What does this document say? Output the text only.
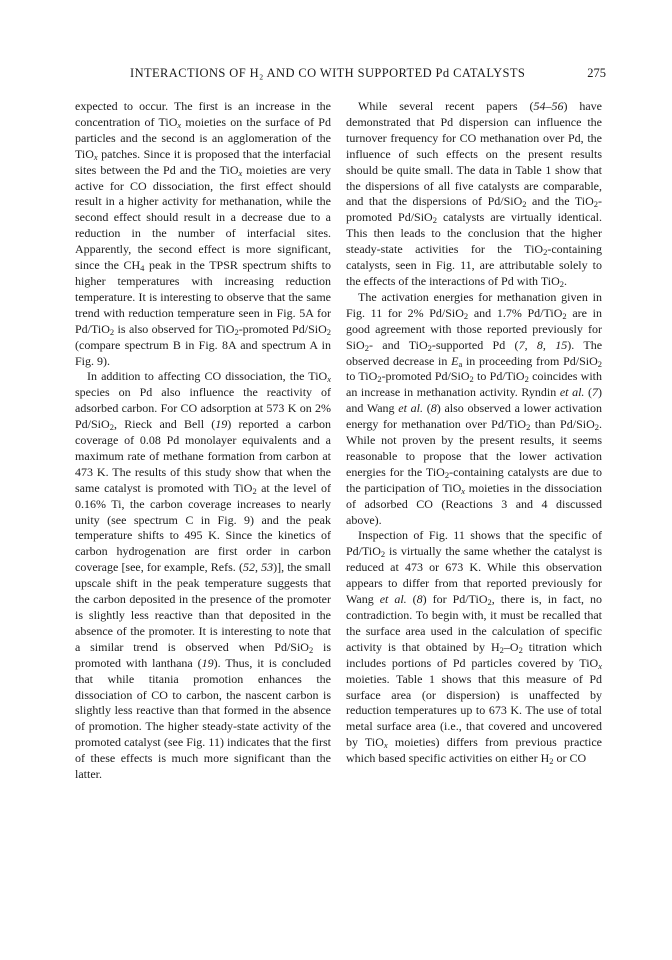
INTERACTIONS OF H₂ AND CO WITH SUPPORTED Pd CATALYSTS	275

expected to occur. The first is an increase in the concentration of TiO$_x$ moieties on the surface of Pd particles and the second is an agglomeration of the TiO$_x$ patches. Since it is proposed that the interfacial sites between the Pd and the TiO$_x$ moieties are very active for CO dissociation, the first effect should result in a higher activity for methanation, while the second effect should result in a decrease due to a reduction in the number of interfacial sites. Apparently, the second effect is more significant, since the $CH_4$ peak in the TPSR spectrum shifts to higher temperatures with increasing reduction temperature. It is interesting to observe that the same trend with reduction temperature seen in Fig. 5A for Pd/TiO$_2$ is also observed for TiO$_2$-promoted Pd/SiO$_2$ (compare spectrum B in Fig. 8A and spectrum A in Fig. 9).

In addition to affecting CO dissociation, the TiO$_x$ species on Pd also influence the reactivity of adsorbed carbon. For CO adsorption at 573 K on 2% Pd/SiO$_2$, Rieck and Bell (19) reported a carbon coverage of 0.08 Pd monolayer equivalents and a maximum rate of methane formation from carbon at 473 K. The results of this study show that when the same catalyst is promoted with TiO$_2$ at the level of 0.16% Ti, the carbon coverage increases to nearly unity (see spectrum C in Fig. 9) and the peak temperature shifts to 495 K. Since the kinetics of carbon hydrogenation are first order in carbon coverage [see, for example, Refs. (52, 53)], the small upscale shift in the peak temperature suggests that the carbon deposited in the presence of the promoter is slightly less reactive than that deposited in the absence of the promoter. It is interesting to note that a similar trend is observed when Pd/SiO$_2$ is promoted with lanthana (19). Thus, it is concluded that while titania promotion enhances the dissociation of CO to carbon, the nascent carbon is slightly less reactive than that formed in the absence of promotion. The higher steady-state activity of the promoted catalyst (see Fig. 11) indicates that the first of these effects is much more significant than the latter.

While several recent papers (54–56) have demonstrated that Pd dispersion can influence the turnover frequency for CO methanation over Pd, the influence of such effects on the present results should be quite small. The data in Table 1 show that the dispersions of all five catalysts are comparable, and that the dispersions of Pd/SiO$_2$ and the TiO$_2$-promoted Pd/SiO$_2$ catalysts are virtually identical. This then leads to the conclusion that the higher steady-state activities for the TiO$_2$-containing catalysts, seen in Fig. 11, are attributable solely to the effects of the interactions of Pd with TiO$_2$.

The activation energies for methanation given in Fig. 11 for 2% Pd/SiO$_2$ and 1.7% Pd/TiO$_2$ are in good agreement with those reported previously for SiO$_2$- and TiO$_2$-supported Pd (7, 8, 15). The observed decrease in $E_a$ in proceeding from Pd/SiO$_2$ to TiO$_2$-promoted Pd/SiO$_2$ to Pd/TiO$_2$ coincides with an increase in methanation activity. Ryndin et al. (7) and Wang et al. (8) also observed a lower activation energy for methanation over Pd/TiO$_2$ than Pd/SiO$_2$. While not proven by the present results, it seems reasonable to propose that the lower activation energies for the TiO$_2$-containing catalysts are due to the participation of TiO$_x$ moieties in the dissociation of adsorbed CO (Reactions 3 and 4 discussed above).

Inspection of Fig. 11 shows that the specific of Pd/TiO$_2$ is virtually the same whether the catalyst is reduced at 473 or 673 K. While this observation appears to differ from that reported previously for Wang et al. (8) for Pd/TiO$_2$, there is, in fact, no contradiction. To begin with, it must be recalled that the surface area used in the calculation of specific activity is that obtained by $H_2-O_2$ titration which includes portions of Pd particles covered by TiO$_x$ moieties. Table 1 shows that this measure of Pd surface area (or dispersion) is unaffected by reduction temperatures up to 673 K. The use of total metal surface area (i.e., that covered and uncovered by TiO$_x$ moieties) differs from previous practice which based specific activities on either $H_2$ or CO
